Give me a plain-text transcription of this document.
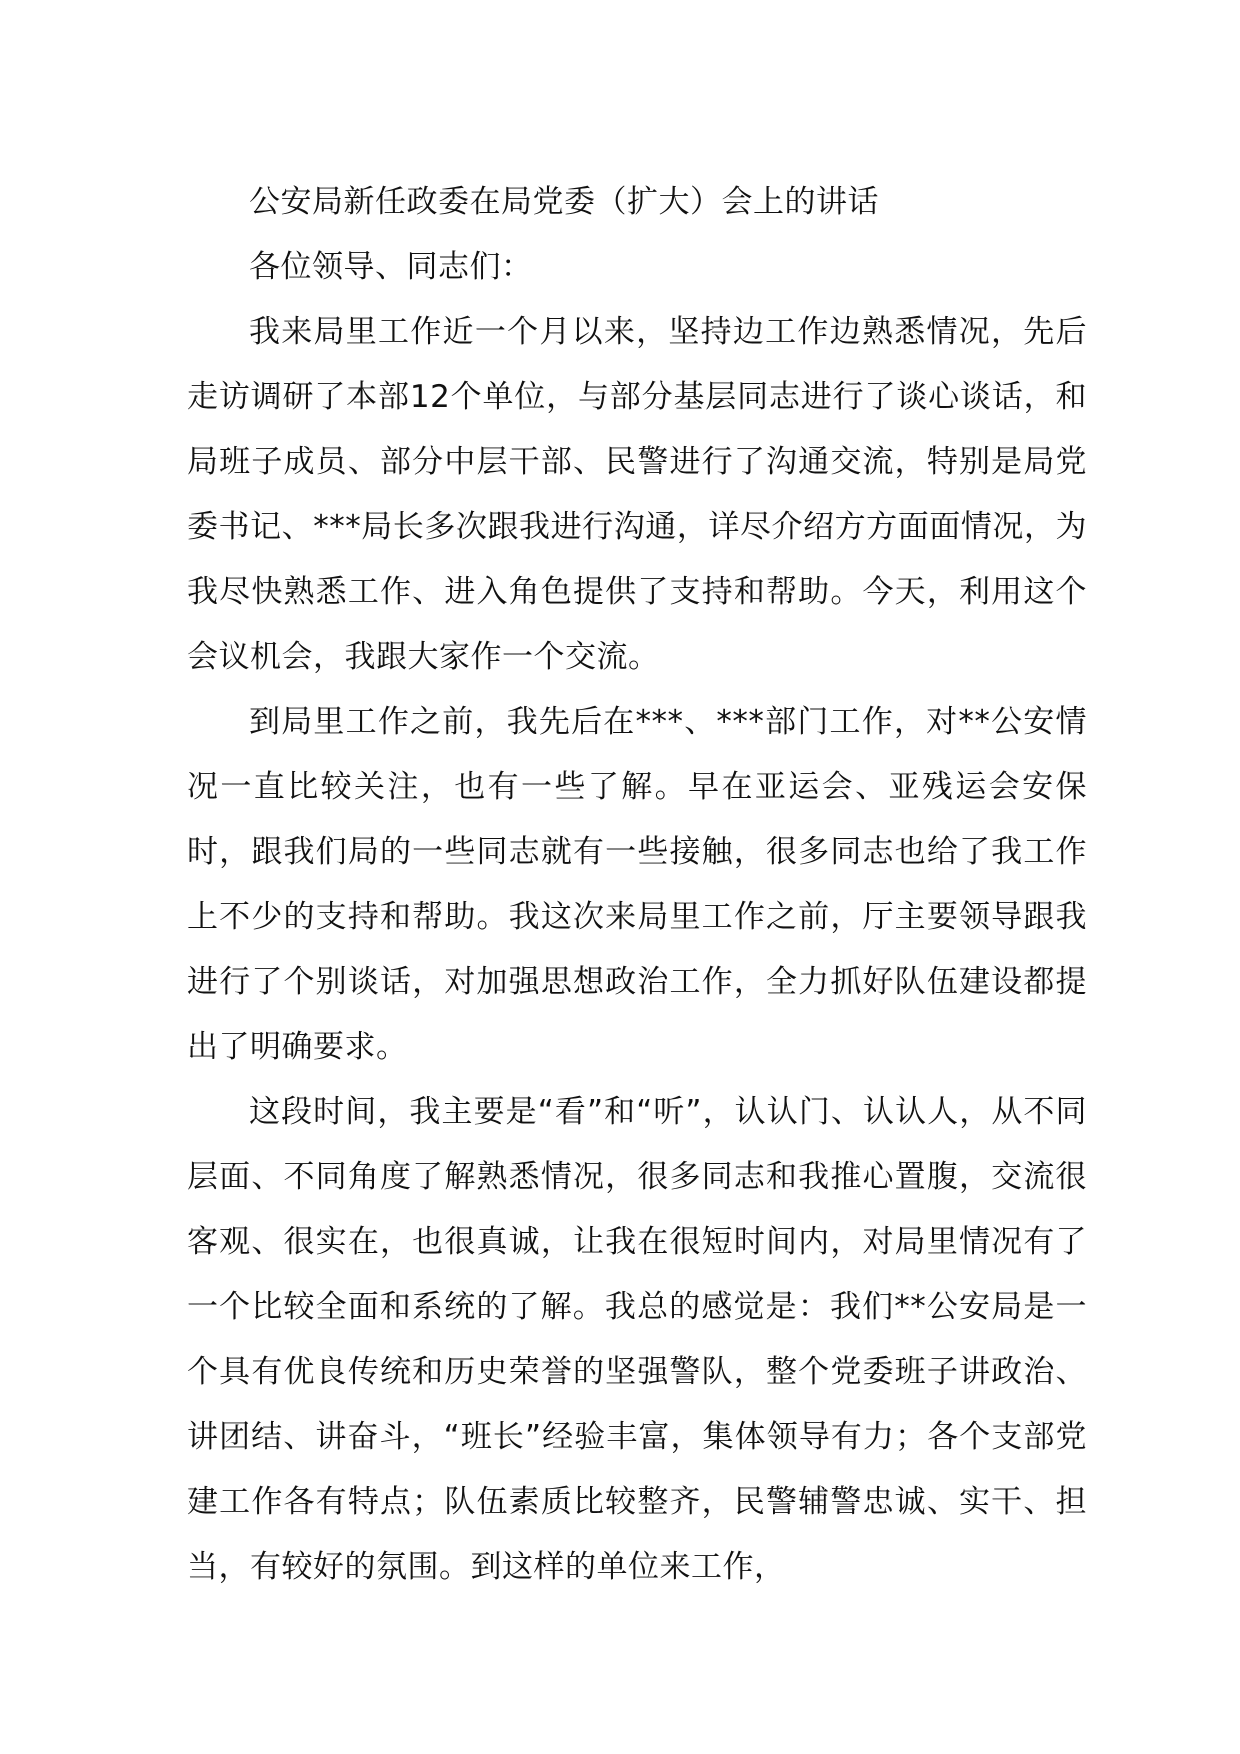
公安局新任政委在局党委（扩大）会上的讲话

各位领导、同志们：

我来局里工作近一个月以来，坚持边工作边熟悉情况，先后走访调研了本部12个单位，与部分基层同志进行了谈心谈话，和局班子成员、部分中层干部、民警进行了沟通交流，特别是局党委书记、***局长多次跟我进行沟通，详尽介绍方方面面情况，为我尽快熟悉工作、进入角色提供了支持和帮助。今天，利用这个会议机会，我跟大家作一个交流。

到局里工作之前，我先后在***、***部门工作，对**公安情况一直比较关注，也有一些了解。早在亚运会、亚残运会安保时，跟我们局的一些同志就有一些接触，很多同志也给了我工作上不少的支持和帮助。我这次来局里工作之前，厅主要领导跟我进行了个别谈话，对加强思想政治工作，全力抓好队伍建设都提出了明确要求。

这段时间，我主要是“看”和“听”，认认门、认认人，从不同层面、不同角度了解熟悉情况，很多同志和我推心置腹，交流很客观、很实在，也很真诚，让我在很短时间内，对局里情况有了一个比较全面和系统的了解。我总的感觉是：我们**公安局是一个具有优良传统和历史荣誉的坚强警队，整个党委班子讲政治、讲团结、讲奋斗，“班长”经验丰富，集体领导有力；各个支部党建工作各有特点；队伍素质比较整齐，民警辅警忠诚、实干、担当，有较好的氛围。到这样的单位来工作，
